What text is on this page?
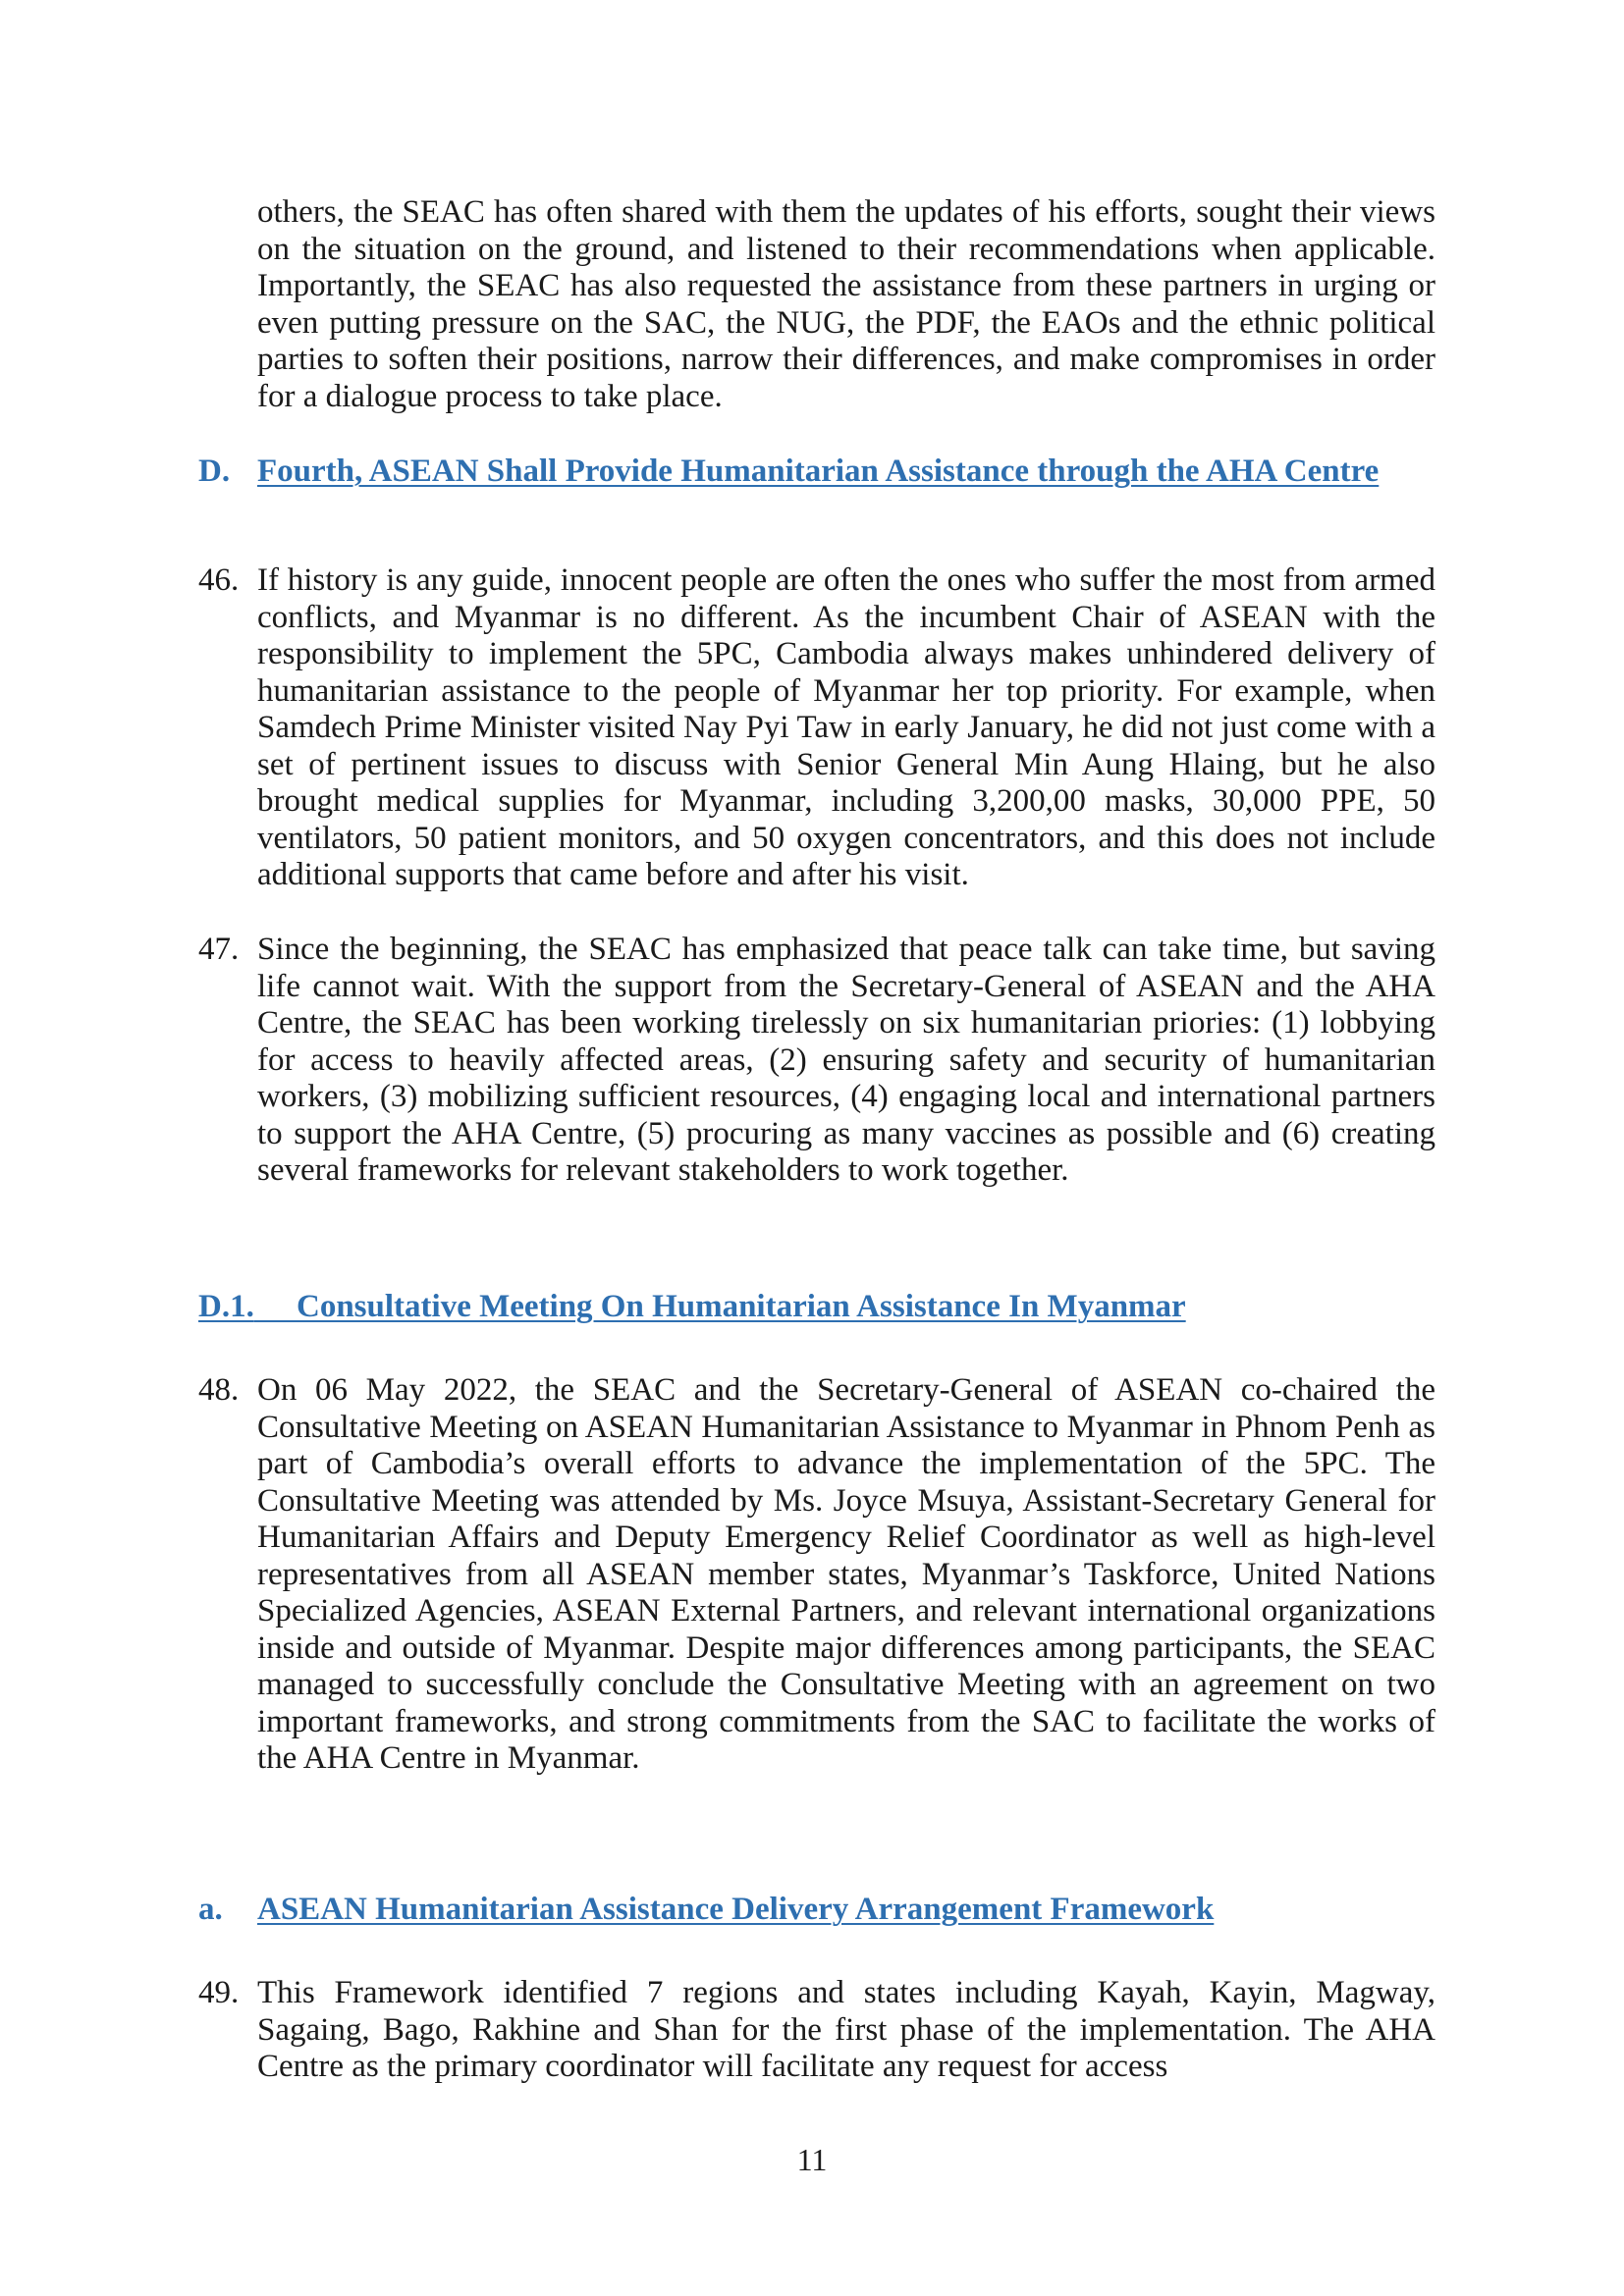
others, the SEAC has often shared with them the updates of his efforts, sought their views on the situation on the ground, and listened to their recommendations when applicable. Importantly, the SEAC has also requested the assistance from these partners in urging or even putting pressure on the SAC, the NUG, the PDF, the EAOs and the ethnic political parties to soften their positions, narrow their differences, and make compromises in order for a dialogue process to take place.
D. Fourth, ASEAN Shall Provide Humanitarian Assistance through the AHA Centre
46. If history is any guide, innocent people are often the ones who suffer the most from armed conflicts, and Myanmar is no different. As the incumbent Chair of ASEAN with the responsibility to implement the 5PC, Cambodia always makes unhindered delivery of humanitarian assistance to the people of Myanmar her top priority. For example, when Samdech Prime Minister visited Nay Pyi Taw in early January, he did not just come with a set of pertinent issues to discuss with Senior General Min Aung Hlaing, but he also brought medical supplies for Myanmar, including 3,200,00 masks, 30,000 PPE, 50 ventilators, 50 patient monitors, and 50 oxygen concentrators, and this does not include additional supports that came before and after his visit.
47. Since the beginning, the SEAC has emphasized that peace talk can take time, but saving life cannot wait. With the support from the Secretary-General of ASEAN and the AHA Centre, the SEAC has been working tirelessly on six humanitarian priories: (1) lobbying for access to heavily affected areas, (2) ensuring safety and security of humanitarian workers, (3) mobilizing sufficient resources, (4) engaging local and international partners to support the AHA Centre, (5) procuring as many vaccines as possible and (6) creating several frameworks for relevant stakeholders to work together.
D.1.	Consultative Meeting On Humanitarian Assistance In Myanmar
48. On 06 May 2022, the SEAC and the Secretary-General of ASEAN co-chaired the Consultative Meeting on ASEAN Humanitarian Assistance to Myanmar in Phnom Penh as part of Cambodia’s overall efforts to advance the implementation of the 5PC. The Consultative Meeting was attended by Ms. Joyce Msuya, Assistant-Secretary General for Humanitarian Affairs and Deputy Emergency Relief Coordinator as well as high-level representatives from all ASEAN member states, Myanmar’s Taskforce, United Nations Specialized Agencies, ASEAN External Partners, and relevant international organizations inside and outside of Myanmar. Despite major differences among participants, the SEAC managed to successfully conclude the Consultative Meeting with an agreement on two important frameworks, and strong commitments from the SAC to facilitate the works of the AHA Centre in Myanmar.
a. ASEAN Humanitarian Assistance Delivery Arrangement Framework
49. This Framework identified 7 regions and states including Kayah, Kayin, Magway, Sagaing, Bago, Rakhine and Shan for the first phase of the implementation. The AHA Centre as the primary coordinator will facilitate any request for access
11
